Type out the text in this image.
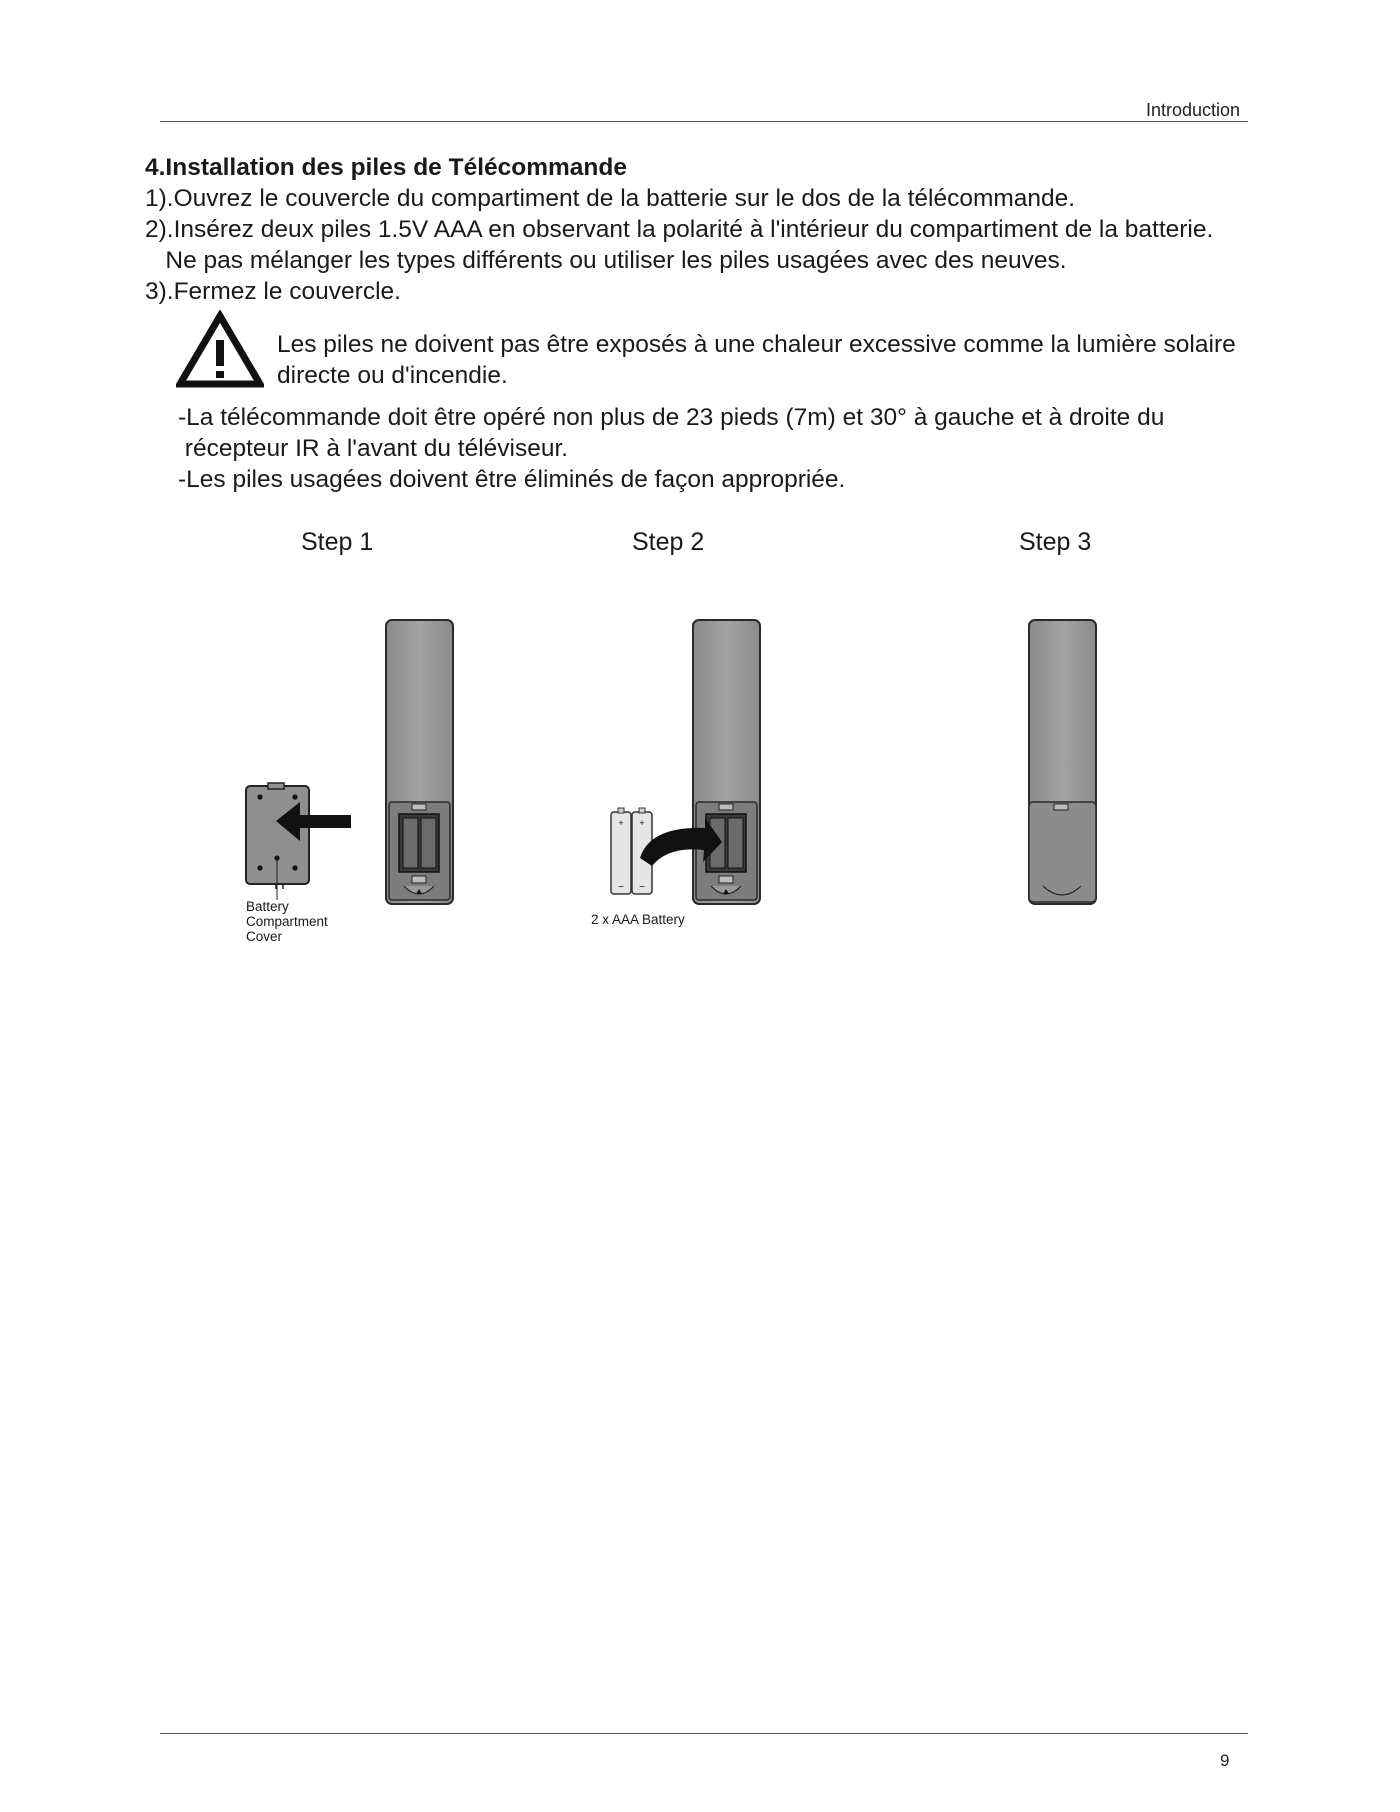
Introduction
4.Installation des piles de Télécommande
1).Ouvrez le couvercle du compartiment de la batterie sur le dos de la télécommande.
2).Insérez deux piles 1.5V AAA en observant la polarité à l'intérieur du compartiment de la batterie.
Ne pas mélanger les types différents ou utiliser les piles usagées avec des neuves.
3).Fermez le couvercle.
Les piles ne doivent pas être exposés à une chaleur excessive comme la lumière solaire
directe ou d'incendie.
-La télécommande doit être opéré non plus de 23 pieds (7m) et 30° à gauche et à droite du
récepteur IR à l'avant du téléviseur.
-Les piles usagées doivent être éliminés de façon appropriée.
Step 1	Step 2	Step 3
+ +
− −
Battery
Compartment
Cover
2 x AAA Battery
9
